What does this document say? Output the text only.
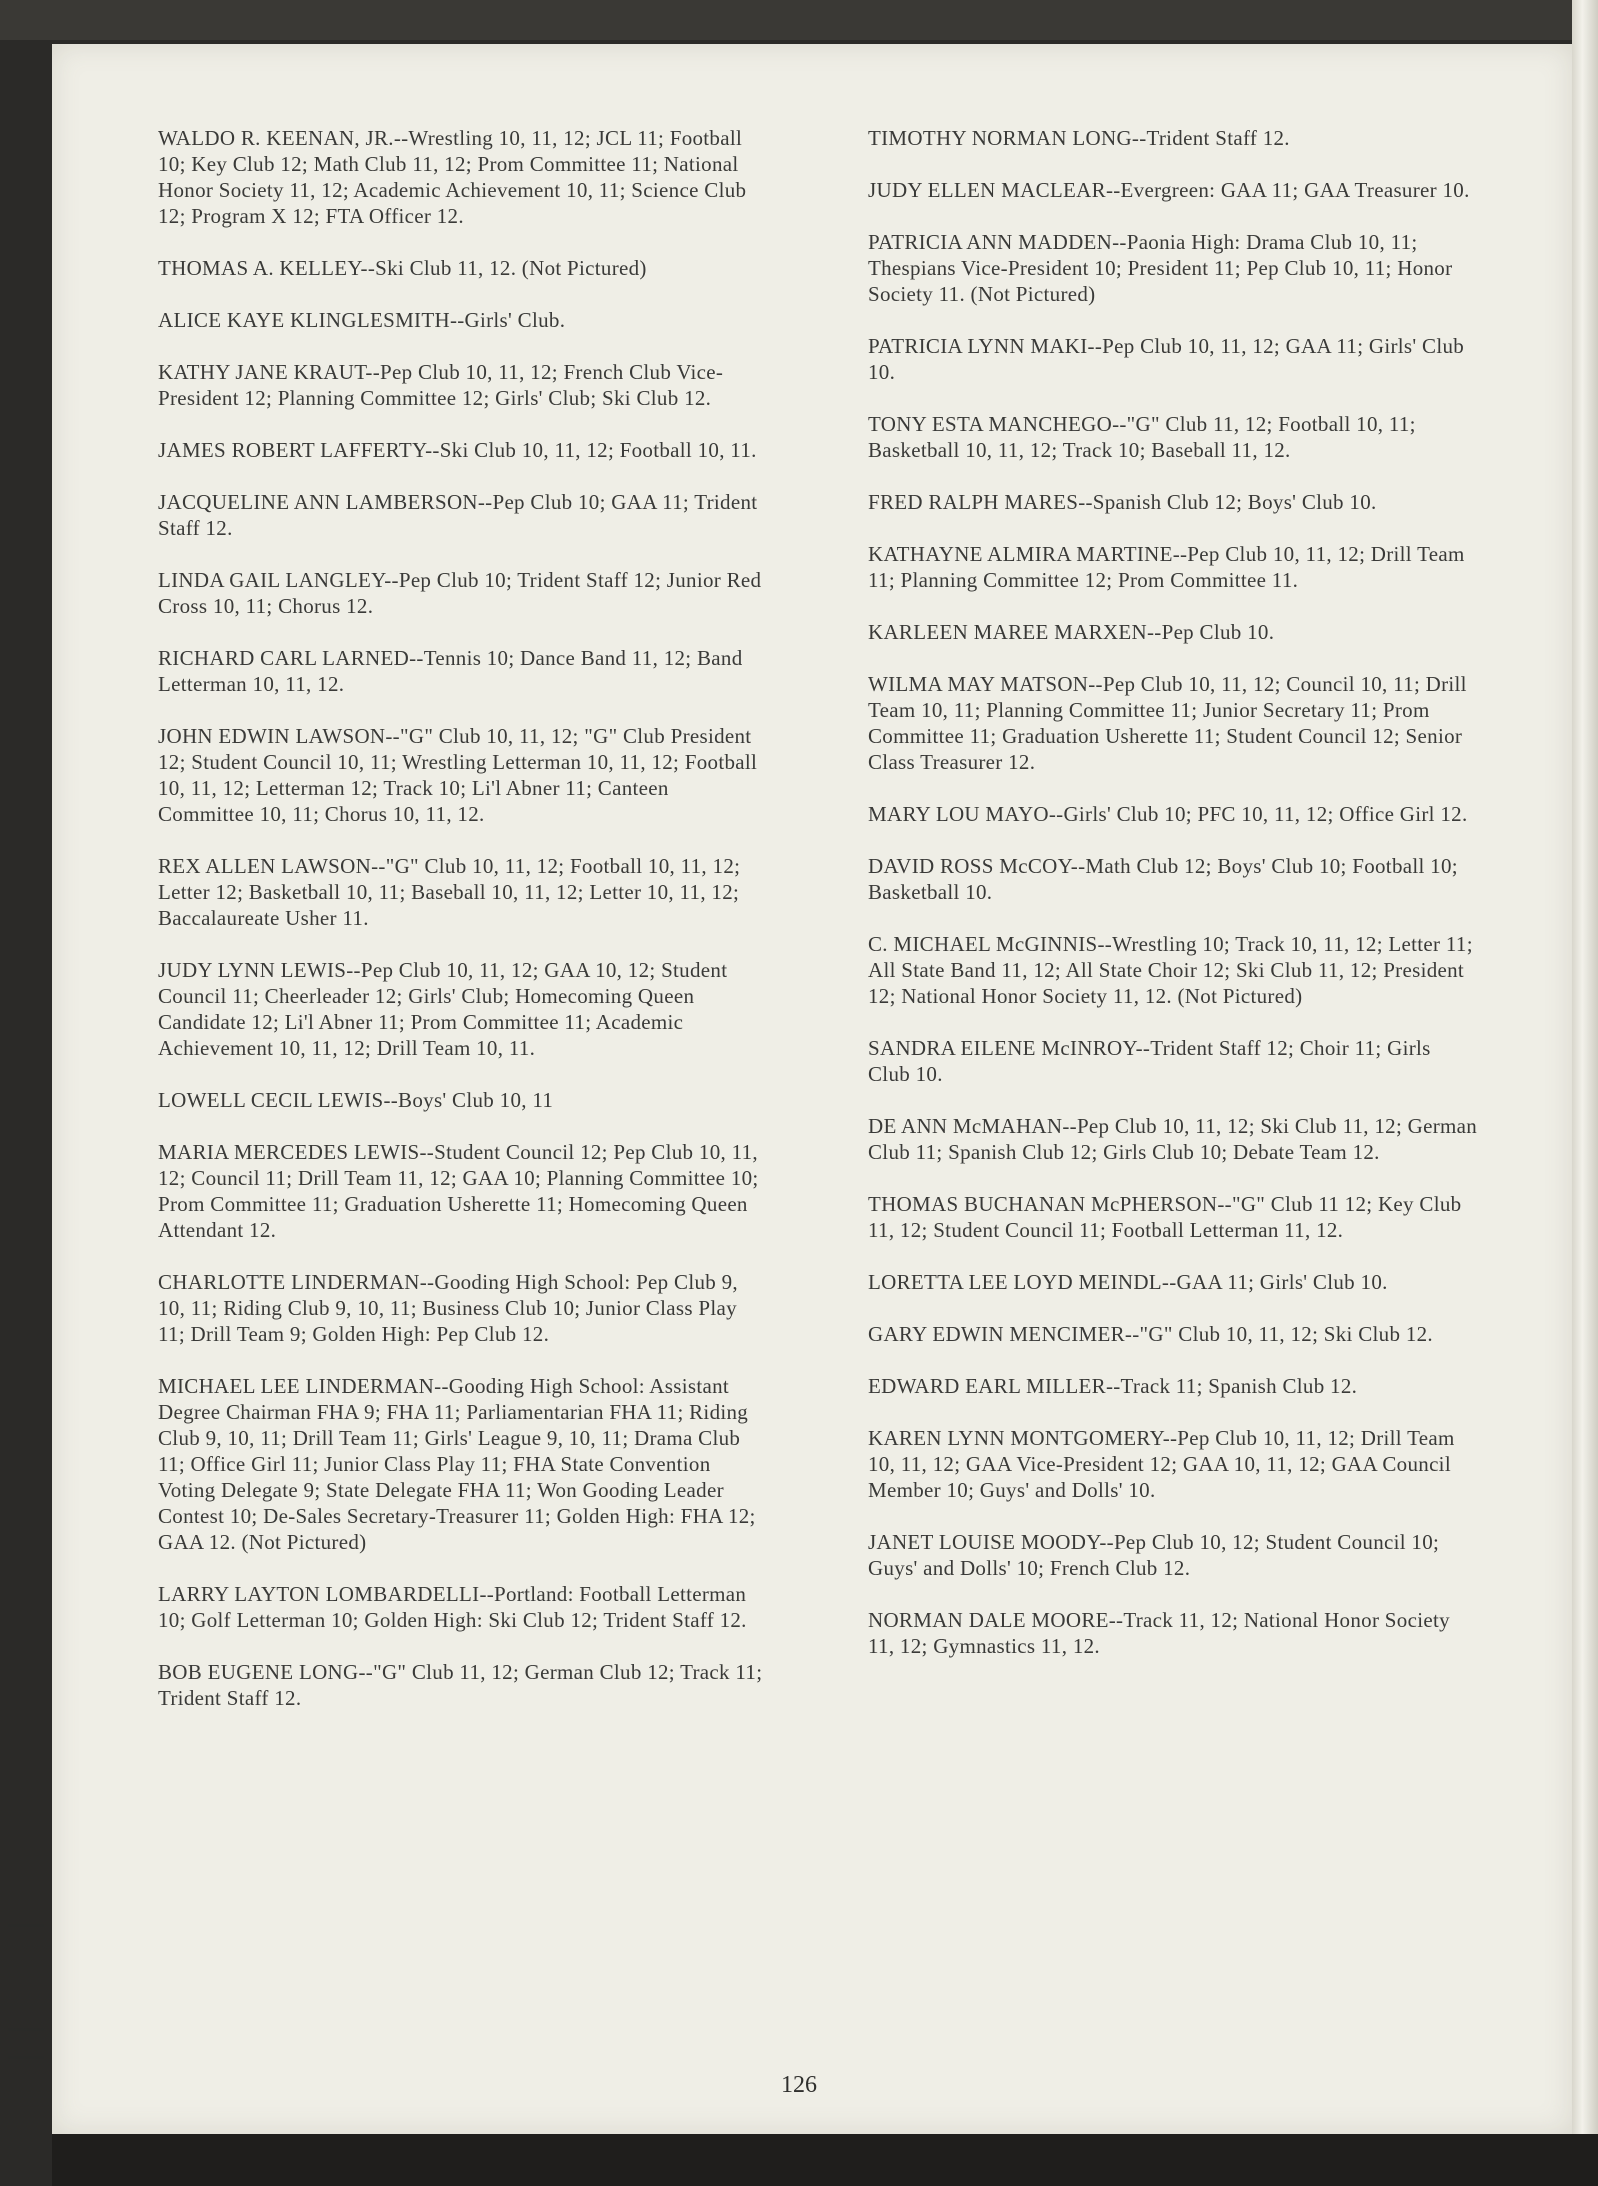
WALDO R. KEENAN, JR.--Wrestling 10, 11, 12; JCL 11; Football 10; Key Club 12; Math Club 11, 12; Prom Committee 11; National Honor Society 11, 12; Academic Achievement 10, 11; Science Club 12; Program X 12; FTA Officer 12.

THOMAS A. KELLEY--Ski Club 11, 12. (Not Pictured)

ALICE KAYE KLINGLESMITH--Girls' Club.

KATHY JANE KRAUT--Pep Club 10, 11, 12; French Club Vice-President 12; Planning Committee 12; Girls' Club; Ski Club 12.

JAMES ROBERT LAFFERTY--Ski Club 10, 11, 12; Football 10, 11.

JACQUELINE ANN LAMBERSON--Pep Club 10; GAA 11; Trident Staff 12.

LINDA GAIL LANGLEY--Pep Club 10; Trident Staff 12; Junior Red Cross 10, 11; Chorus 12.

RICHARD CARL LARNED--Tennis 10; Dance Band 11, 12; Band Letterman 10, 11, 12.

JOHN EDWIN LAWSON--"G" Club 10, 11, 12; "G" Club President 12; Student Council 10, 11; Wrestling Letterman 10, 11, 12; Football 10, 11, 12; Letterman 12; Track 10; Li'l Abner 11; Canteen Committee 10, 11; Chorus 10, 11, 12.

REX ALLEN LAWSON--"G" Club 10, 11, 12; Football 10, 11, 12; Letter 12; Basketball 10, 11; Baseball 10, 11, 12; Letter 10, 11, 12; Baccalaureate Usher 11.

JUDY LYNN LEWIS--Pep Club 10, 11, 12; GAA 10, 12; Student Council 11; Cheerleader 12; Girls' Club; Homecoming Queen Candidate 12; Li'l Abner 11; Prom Committee 11; Academic Achievement 10, 11, 12; Drill Team 10, 11.

LOWELL CECIL LEWIS--Boys' Club 10, 11

MARIA MERCEDES LEWIS--Student Council 12; Pep Club 10, 11, 12; Council 11; Drill Team 11, 12; GAA 10; Planning Committee 10; Prom Committee 11; Graduation Usherette 11; Homecoming Queen Attendant 12.

CHARLOTTE LINDERMAN--Gooding High School: Pep Club 9, 10, 11; Riding Club 9, 10, 11; Business Club 10; Junior Class Play 11; Drill Team 9; Golden High: Pep Club 12.

MICHAEL LEE LINDERMAN--Gooding High School: Assistant Degree Chairman FHA 9; FHA 11; Parliamentarian FHA 11; Riding Club 9, 10, 11; Drill Team 11; Girls' League 9, 10, 11; Drama Club 11; Office Girl 11; Junior Class Play 11; FHA State Convention Voting Delegate 9; State Delegate FHA 11; Won Gooding Leader Contest 10; De-Sales Secretary-Treasurer 11; Golden High: FHA 12; GAA 12. (Not Pictured)

LARRY LAYTON LOMBARDELLI--Portland: Football Letterman 10; Golf Letterman 10; Golden High: Ski Club 12; Trident Staff 12.

BOB EUGENE LONG--"G" Club 11, 12; German Club 12; Track 11; Trident Staff 12.

TIMOTHY NORMAN LONG--Trident Staff 12.

JUDY ELLEN MACLEAR--Evergreen: GAA 11; GAA Treasurer 10.

PATRICIA ANN MADDEN--Paonia High: Drama Club 10, 11; Thespians Vice-President 10; President 11; Pep Club 10, 11; Honor Society 11. (Not Pictured)

PATRICIA LYNN MAKI--Pep Club 10, 11, 12; GAA 11; Girls' Club 10.

TONY ESTA MANCHEGO--"G" Club 11, 12; Football 10, 11; Basketball 10, 11, 12; Track 10; Baseball 11, 12.

FRED RALPH MARES--Spanish Club 12; Boys' Club 10.

KATHAYNE ALMIRA MARTINE--Pep Club 10, 11, 12; Drill Team 11; Planning Committee 12; Prom Committee 11.

KARLEEN MAREE MARXEN--Pep Club 10.

WILMA MAY MATSON--Pep Club 10, 11, 12; Council 10, 11; Drill Team 10, 11; Planning Committee 11; Junior Secretary 11; Prom Committee 11; Graduation Usherette 11; Student Council 12; Senior Class Treasurer 12.

MARY LOU MAYO--Girls' Club 10; PFC 10, 11, 12; Office Girl 12.

DAVID ROSS McCOY--Math Club 12; Boys' Club 10; Football 10; Basketball 10.

C. MICHAEL McGINNIS--Wrestling 10; Track 10, 11, 12; Letter 11; All State Band 11, 12; All State Choir 12; Ski Club 11, 12; President 12; National Honor Society 11, 12. (Not Pictured)

SANDRA EILENE McINROY--Trident Staff 12; Choir 11; Girls Club 10.

DE ANN McMAHAN--Pep Club 10, 11, 12; Ski Club 11, 12; German Club 11; Spanish Club 12; Girls Club 10; Debate Team 12.

THOMAS BUCHANAN McPHERSON--"G" Club 11 12; Key Club 11, 12; Student Council 11; Football Letterman 11, 12.

LORETTA LEE LOYD MEINDL--GAA 11; Girls' Club 10.

GARY EDWIN MENCIMER--"G" Club 10, 11, 12; Ski Club 12.

EDWARD EARL MILLER--Track 11; Spanish Club 12.

KAREN LYNN MONTGOMERY--Pep Club 10, 11, 12; Drill Team 10, 11, 12; GAA Vice-President 12; GAA 10, 11, 12; GAA Council Member 10; Guys' and Dolls' 10.

JANET LOUISE MOODY--Pep Club 10, 12; Student Council 10; Guys' and Dolls' 10; French Club 12.

NORMAN DALE MOORE--Track 11, 12; National Honor Society 11, 12; Gymnastics 11, 12.

126
